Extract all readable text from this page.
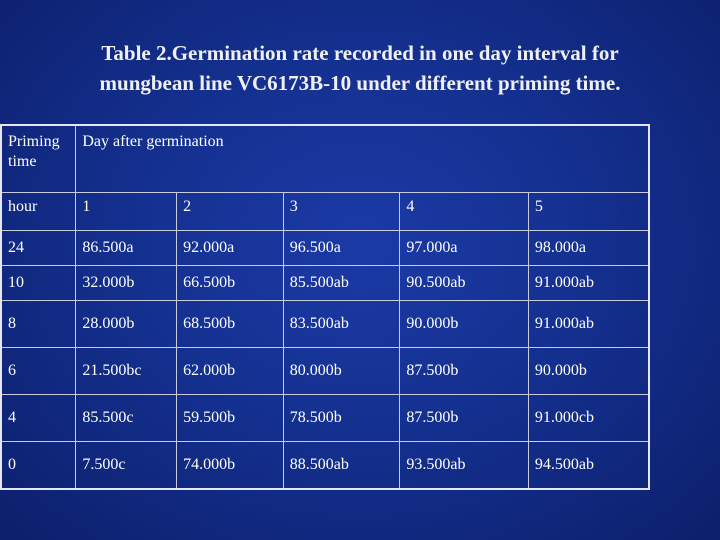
Table 2.Germination rate recorded in one day interval for
mungbean line VC6173B-10 under different priming time.
Priming time	Day after germination				
hour	1	2	3	4	5
24	86.500a	92.000a	96.500a	97.000a	98.000a
10	32.000b	66.500b	85.500ab	90.500ab	91.000ab
8	28.000b	68.500b	83.500ab	90.000b	91.000ab
6	21.500bc	62.000b	80.000b	87.500b	90.000b
4	85.500c	59.500b	78.500b	87.500b	91.000cb
0	7.500c	74.000b	88.500ab	93.500ab	94.500ab
